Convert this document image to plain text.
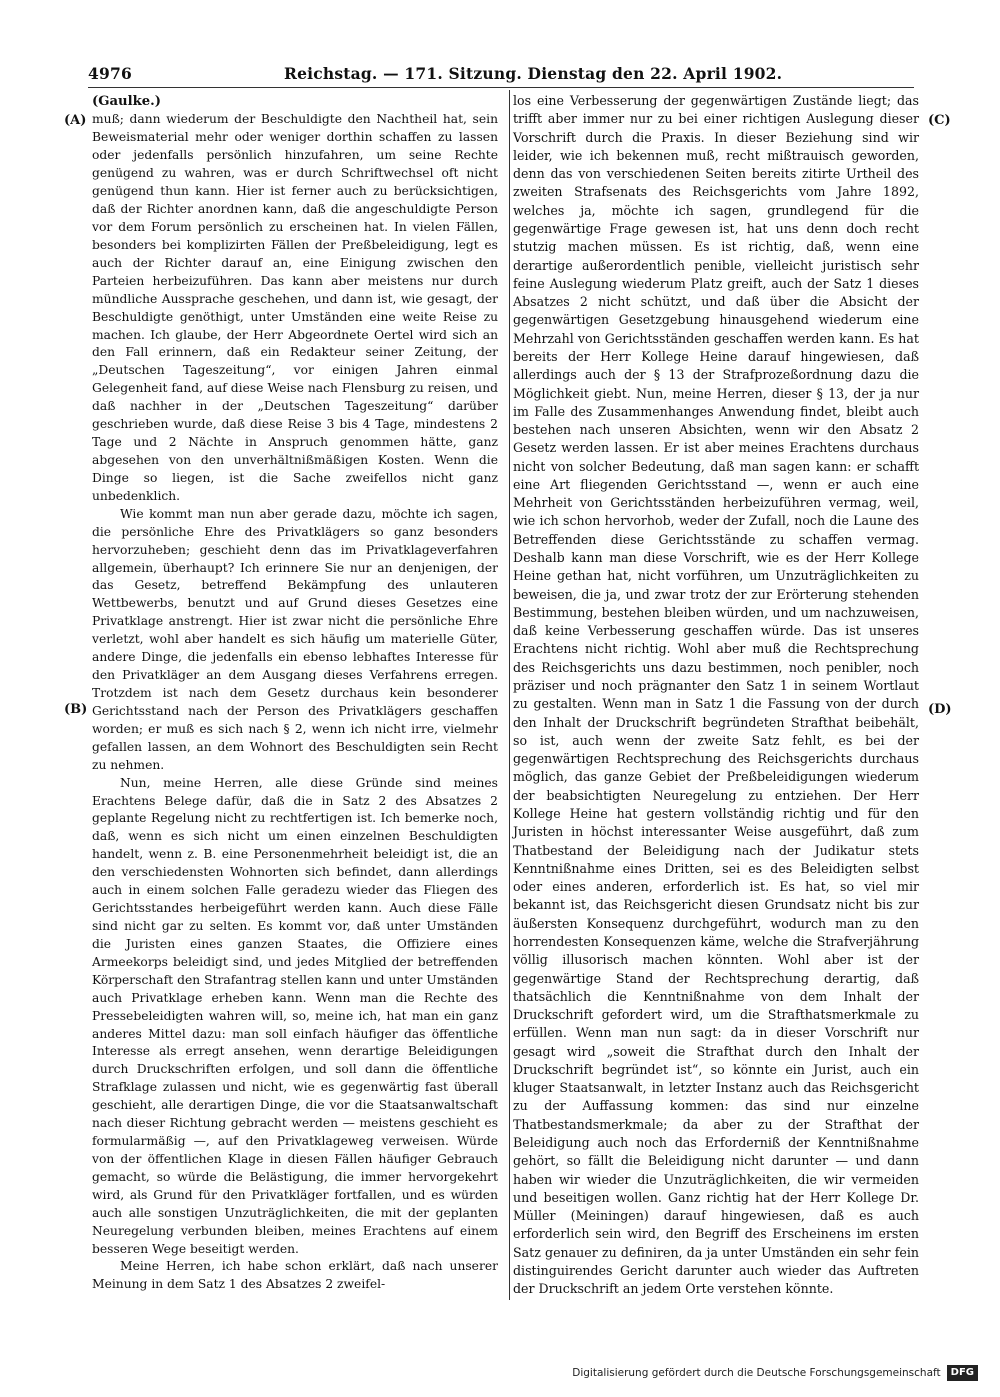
4976	Reichstag. — 171. Sitzung. Dienstag den 22. April 1902.
(A)
(B)
(C)
(D)
(Gaulke.)

muß; dann wiederum der Beschuldigte den Nachtheil hat, sein Beweismaterial mehr oder weniger dorthin schaffen zu lassen oder jedenfalls persönlich hinzufahren, um seine Rechte genügend zu wahren, was er durch Schriftwechsel oft nicht genügend thun kann. Hier ist ferner auch zu berücksichtigen, daß der Richter anordnen kann, daß die angeschuldigte Person vor dem Forum persönlich zu erscheinen hat. In vielen Fällen, besonders bei komplizirten Fällen der Preßbeleidigung, legt es auch der Richter darauf an, eine Einigung zwischen den Parteien herbeizuführen. Das kann aber meistens nur durch mündliche Aussprache geschehen, und dann ist, wie gesagt, der Beschuldigte genöthigt, unter Umständen eine weite Reise zu machen. Ich glaube, der Herr Abgeordnete Oertel wird sich an den Fall erinnern, daß ein Redakteur seiner Zeitung, der „Deutschen Tageszeitung“, vor einigen Jahren einmal Gelegenheit fand, auf diese Weise nach Flensburg zu reisen, und daß nachher in der „Deutschen Tageszeitung“ darüber geschrieben wurde, daß diese Reise 3 bis 4 Tage, mindestens 2 Tage und 2 Nächte in Anspruch genommen hätte, ganz abgesehen von den unverhältnißmäßigen Kosten. Wenn die Dinge so liegen, ist die Sache zweifellos nicht ganz unbedenklich.

Wie kommt man nun aber gerade dazu, möchte ich sagen, die persönliche Ehre des Privatklägers so ganz besonders hervorzuheben; geschieht denn das im Privatklageverfahren allgemein, überhaupt? Ich erinnere Sie nur an denjenigen, der das Gesetz, betreffend Bekämpfung des unlauteren Wettbewerbs, benutzt und auf Grund dieses Gesetzes eine Privatklage anstrengt. Hier ist zwar nicht die persönliche Ehre verletzt, wohl aber handelt es sich häufig um materielle Güter, andere Dinge, die jedenfalls ein ebenso lebhaftes Interesse für den Privatkläger an dem Ausgang dieses Verfahrens erregen. Trotzdem ist nach dem Gesetz durchaus kein besonderer Gerichtsstand nach der Person des Privatklägers geschaffen worden; er muß es sich nach § 2, wenn ich nicht irre, vielmehr gefallen lassen, an dem Wohnort des Beschuldigten sein Recht zu nehmen.

Nun, meine Herren, alle diese Gründe sind meines Erachtens Belege dafür, daß die in Satz 2 des Absatzes 2 geplante Regelung nicht zu rechtfertigen ist. Ich bemerke noch, daß, wenn es sich nicht um einen einzelnen Beschuldigten handelt, wenn z. B. eine Personenmehrheit beleidigt ist, die an den verschiedensten Wohnorten sich befindet, dann allerdings auch in einem solchen Falle geradezu wieder das Fliegen des Gerichtsstandes herbeigeführt werden kann. Auch diese Fälle sind nicht gar zu selten. Es kommt vor, daß unter Umständen die Juristen eines ganzen Staates, die Offiziere eines Armeekorps beleidigt sind, und jedes Mitglied der betreffenden Körperschaft den Strafantrag stellen kann und unter Umständen auch Privatklage erheben kann. Wenn man die Rechte des Pressebeleidigten wahren will, so, meine ich, hat man ein ganz anderes Mittel dazu: man soll einfach häufiger das öffentliche Interesse als erregt ansehen, wenn derartige Beleidigungen durch Druckschriften erfolgen, und soll dann die öffentliche Strafklage zulassen und nicht, wie es gegenwärtig fast überall geschieht, alle derartigen Dinge, die vor die Staatsanwaltschaft nach dieser Richtung gebracht werden — meistens geschieht es formularmäßig —, auf den Privatklageweg verweisen. Würde von der öffentlichen Klage in diesen Fällen häufiger Gebrauch gemacht, so würde die Belästigung, die immer hervorgekehrt wird, als Grund für den Privatkläger fortfallen, und es würden auch alle sonstigen Unzuträglichkeiten, die mit der geplanten Neuregelung verbunden bleiben, meines Erachtens auf einem besseren Wege beseitigt werden.

Meine Herren, ich habe schon erklärt, daß nach unserer Meinung in dem Satz 1 des Absatzes 2 zweifel-

los eine Verbesserung der gegenwärtigen Zustände liegt; das trifft aber immer nur zu bei einer richtigen Auslegung dieser Vorschrift durch die Praxis. In dieser Beziehung sind wir leider, wie ich bekennen muß, recht mißtrauisch geworden, denn das von verschiedenen Seiten bereits zitirte Urtheil des zweiten Strafsenats des Reichsgerichts vom Jahre 1892, welches ja, möchte ich sagen, grundlegend für die gegenwärtige Frage gewesen ist, hat uns denn doch recht stutzig machen müssen. Es ist richtig, daß, wenn eine derartige außerordentlich penible, vielleicht juristisch sehr feine Auslegung wiederum Platz greift, auch der Satz 1 dieses Absatzes 2 nicht schützt, und daß über die Absicht der gegenwärtigen Gesetzgebung hinausgehend wiederum eine Mehrzahl von Gerichtsständen geschaffen werden kann. Es hat bereits der Herr Kollege Heine darauf hingewiesen, daß allerdings auch der § 13 der Strafprozeßordnung dazu die Möglichkeit giebt. Nun, meine Herren, dieser § 13, der ja nur im Falle des Zusammenhanges Anwendung findet, bleibt auch bestehen nach unseren Absichten, wenn wir den Absatz 2 Gesetz werden lassen. Er ist aber meines Erachtens durchaus nicht von solcher Bedeutung, daß man sagen kann: er schafft eine Art fliegenden Gerichtsstand —, wenn er auch eine Mehrheit von Gerichtsständen herbeizuführen vermag, weil, wie ich schon hervorhob, weder der Zufall, noch die Laune des Betreffenden diese Gerichtsstände zu schaffen vermag. Deshalb kann man diese Vorschrift, wie es der Herr Kollege Heine gethan hat, nicht vorführen, um Unzuträglichkeiten zu beweisen, die ja, und zwar trotz der zur Erörterung stehenden Bestimmung, bestehen bleiben würden, und um nachzuweisen, daß keine Verbesserung geschaffen würde. Das ist unseres Erachtens nicht richtig. Wohl aber muß die Rechtsprechung des Reichsgerichts uns dazu bestimmen, noch penibler, noch präziser und noch prägnanter den Satz 1 in seinem Wortlaut zu gestalten. Wenn man in Satz 1 die Fassung von der durch den Inhalt der Druckschrift begründeten Strafthat beibehält, so ist, auch wenn der zweite Satz fehlt, es bei der gegenwärtigen Rechtsprechung des Reichsgerichts durchaus möglich, das ganze Gebiet der Preßbeleidigungen wiederum der beabsichtigten Neuregelung zu entziehen. Der Herr Kollege Heine hat gestern vollständig richtig und für den Juristen in höchst interessanter Weise ausgeführt, daß zum Thatbestand der Beleidigung nach der Judikatur stets Kenntnißnahme eines Dritten, sei es des Beleidigten selbst oder eines anderen, erforderlich ist. Es hat, so viel mir bekannt ist, das Reichsgericht diesen Grundsatz nicht bis zur äußersten Konsequenz durchgeführt, wodurch man zu den horrendesten Konsequenzen käme, welche die Strafverjährung völlig illusorisch machen könnten. Wohl aber ist der gegenwärtige Stand der Rechtsprechung derartig, daß thatsächlich die Kenntnißnahme von dem Inhalt der Druckschrift gefordert wird, um die Strafthatsmerkmale zu erfüllen. Wenn man nun sagt: da in dieser Vorschrift nur gesagt wird „soweit die Strafthat durch den Inhalt der Druckschrift begründet ist“, so könnte ein Jurist, auch ein kluger Staatsanwalt, in letzter Instanz auch das Reichsgericht zu der Auffassung kommen: das sind nur einzelne Thatbestandsmerkmale; da aber zu der Strafthat der Beleidigung auch noch das Erforderniß der Kenntnißnahme gehört, so fällt die Beleidigung nicht darunter — und dann haben wir wieder die Unzuträglichkeiten, die wir vermeiden und beseitigen wollen. Ganz richtig hat der Herr Kollege Dr. Müller (Meiningen) darauf hingewiesen, daß es auch erforderlich sein wird, den Begriff des Erscheinens im ersten Satz genauer zu definiren, da ja unter Umständen ein sehr fein distinguirendes Gericht darunter auch wieder das Auftreten der Druckschrift an jedem Orte verstehen könnte.

Digitalisierung gefördert durch die Deutsche Forschungsgemeinschaft	DFG
